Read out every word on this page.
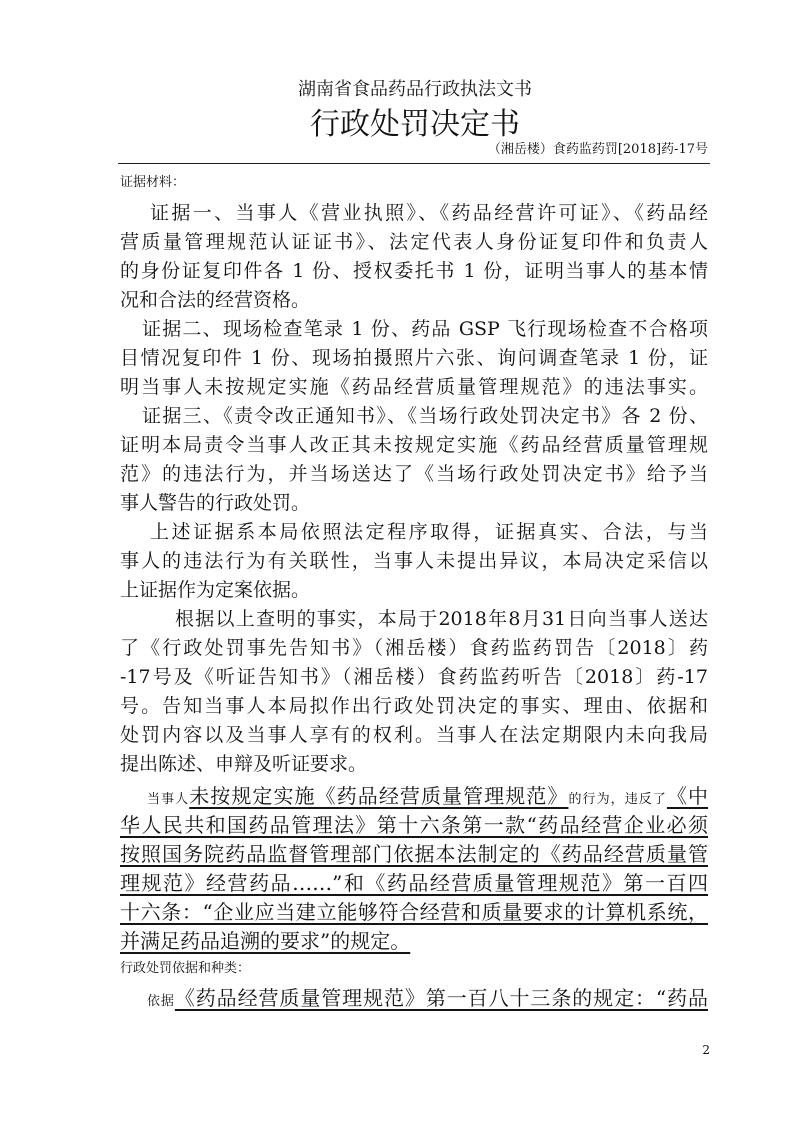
湖南省食品药品行政执法文书
行政处罚决定书
（湘岳楼）食药监药罚[2018]药-17号
证据材料：
证据一、当事人《营业执照》、《药品经营许可证》、《药品经
营质量管理规范认证证书》、法定代表人身份证复印件和负责人
的身份证复印件各 1 份、授权委托书 1 份，证明当事人的基本情
况和合法的经营资格。
证据二、现场检查笔录 1 份、药品 GSP 飞行现场检查不合格项
目情况复印件 1 份、现场拍摄照片六张、询问调查笔录 1 份，证
明当事人未按规定实施《药品经营质量管理规范》的违法事实。
证据三、《责令改正通知书》、《当场行政处罚决定书》各 2 份、
证明本局责令当事人改正其未按规定实施《药品经营质量管理规
范》的违法行为，并当场送达了《当场行政处罚决定书》给予当
事人警告的行政处罚。
上述证据系本局依照法定程序取得，证据真实、合法，与当
事人的违法行为有关联性，当事人未提出异议，本局决定采信以
上证据作为定案依据。
根据以上查明的事实，本局于2018年8月31日向当事人送达
了《行政处罚事先告知书》（湘岳楼）食药监药罚告〔2018〕药
-17号及《听证告知书》（湘岳楼）食药监药听告〔2018〕药-17
号。告知当事人本局拟作出行政处罚决定的事实、理由、依据和
处罚内容以及当事人享有的权利。当事人在法定期限内未向我局
提出陈述、申辩及听证要求。
当事人未按规定实施《药品经营质量管理规范》的行为，违反了《中
华人民共和国药品管理法》第十六条第一款“药品经营企业必须
按照国务院药品监督管理部门依据本法制定的《药品经营质量管
理规范》经营药品……”和《药品经营质量管理规范》第一百四
十六条：“企业应当建立能够符合经营和质量要求的计算机系统，
并满足药品追溯的要求”的规定。
行政处罚依据和种类：
依据《药品经营质量管理规范》第一百八十三条的规定：“药品
2
